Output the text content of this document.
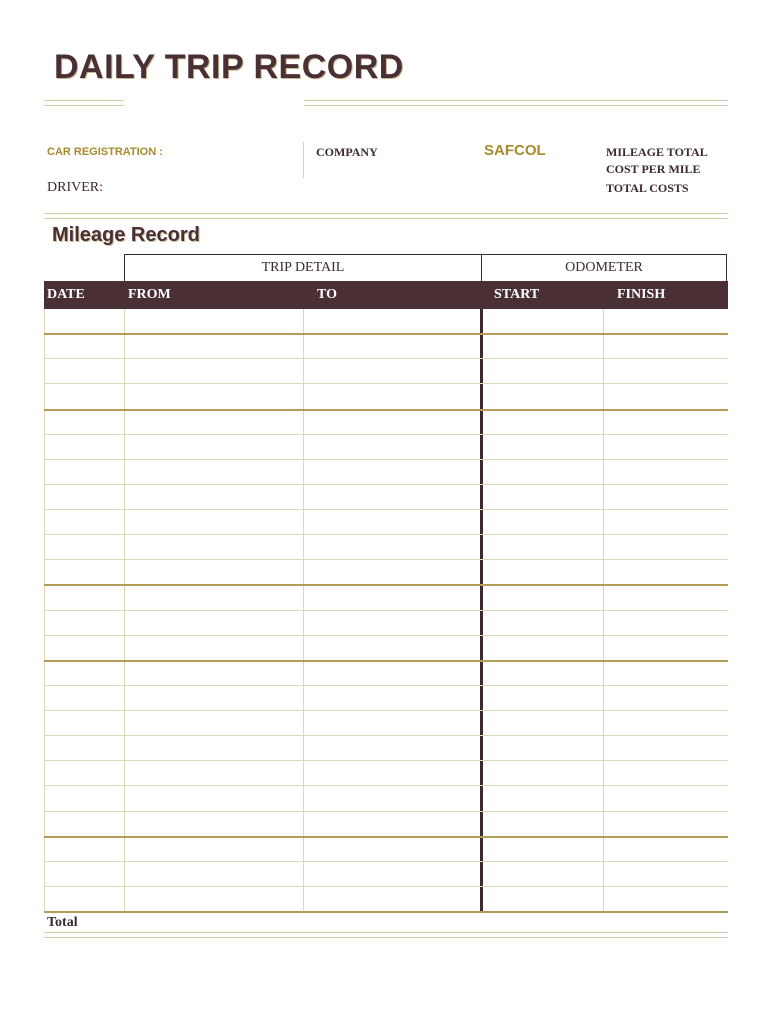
DAILY TRIP RECORD
CAR REGISTRATION :
DRIVER:
COMPANY	SAFCOL	MILEAGE TOTAL
COST PER MILE
TOTAL COSTS
Mileage Record
TRIP DETAIL	ODOMETER
DATE	FROM	TO	START	FINISH
Total
